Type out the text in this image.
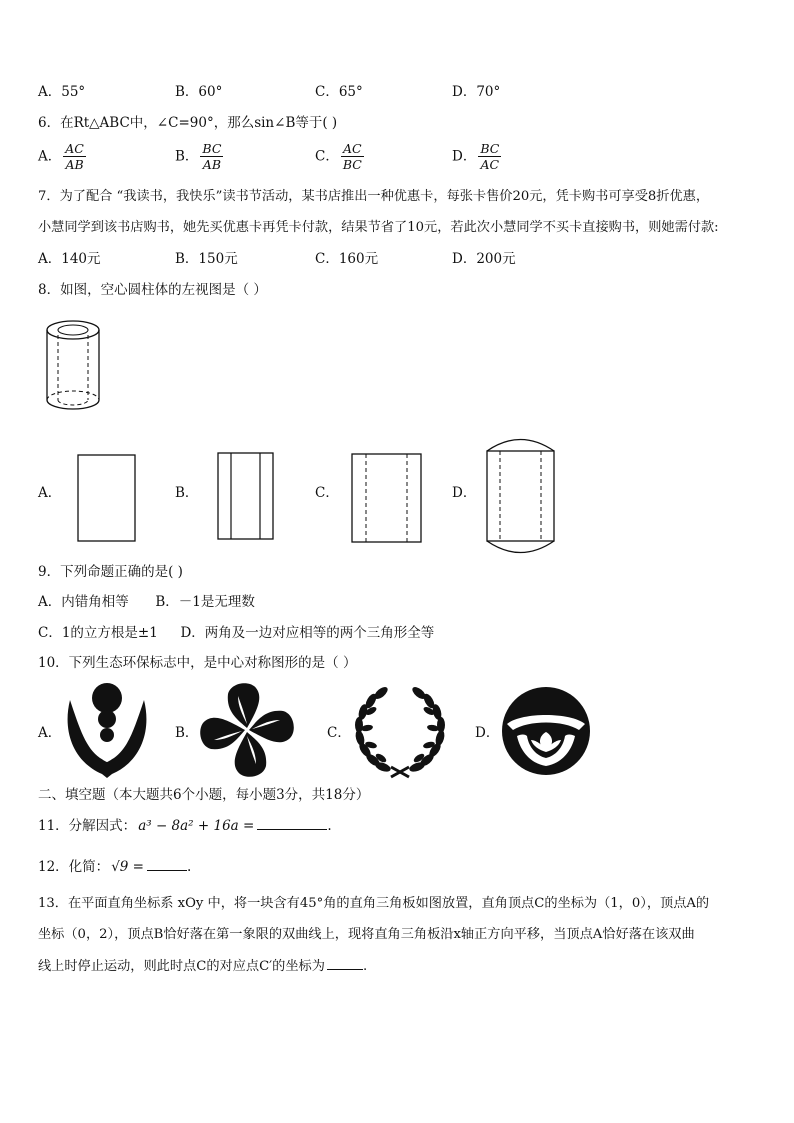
A．55°	B．60°	C．65°	D．70°
6．在Rt△ABC中，∠C=90°，那么sin∠B等于( )
A． $\frac{AC}{AB}$	B． $\frac{BC}{AB}$	C． $\frac{AC}{BC}$	D． $\frac{BC}{AC}$
7．为了配合 “我读书，我快乐”读书节活动，某书店推出一种优惠卡，每张卡售价20元，凭卡购书可享受8折优惠，
小慧同学到该书店购书，她先买优惠卡再凭卡付款，结果节省了10元，若此次小慧同学不买卡直接购书，则她需付款:
A．140元	B．150元	C．160元	D．200元
8．如图，空心圆柱体的左视图是（ ）
A．	B．	C．	D．
9．下列命题正确的是( )
A．内错角相等 B．－1是无理数
C．1的立方根是±1 D．两角及一边对应相等的两个三角形全等
10．下列生态环保标志中，是中心对称图形的是（ ）
A．	B．	C．	D．
二、填空题（本大题共6个小题，每小题3分，共18分）
11．分解因式： a³ − 8a² + 16a =	.
12．化简： √9 =	.
13．在平面直角坐标系 xOy 中，将一块含有45°角的直角三角板如图放置，直角顶点C的坐标为（1，0），顶点A的
坐标（0，2），顶点B恰好落在第一象限的双曲线上，现将直角三角板沿x轴正方向平移，当顶点A恰好落在该双曲
线上时停止运动，则此时点C的对应点C′的坐标为	.
